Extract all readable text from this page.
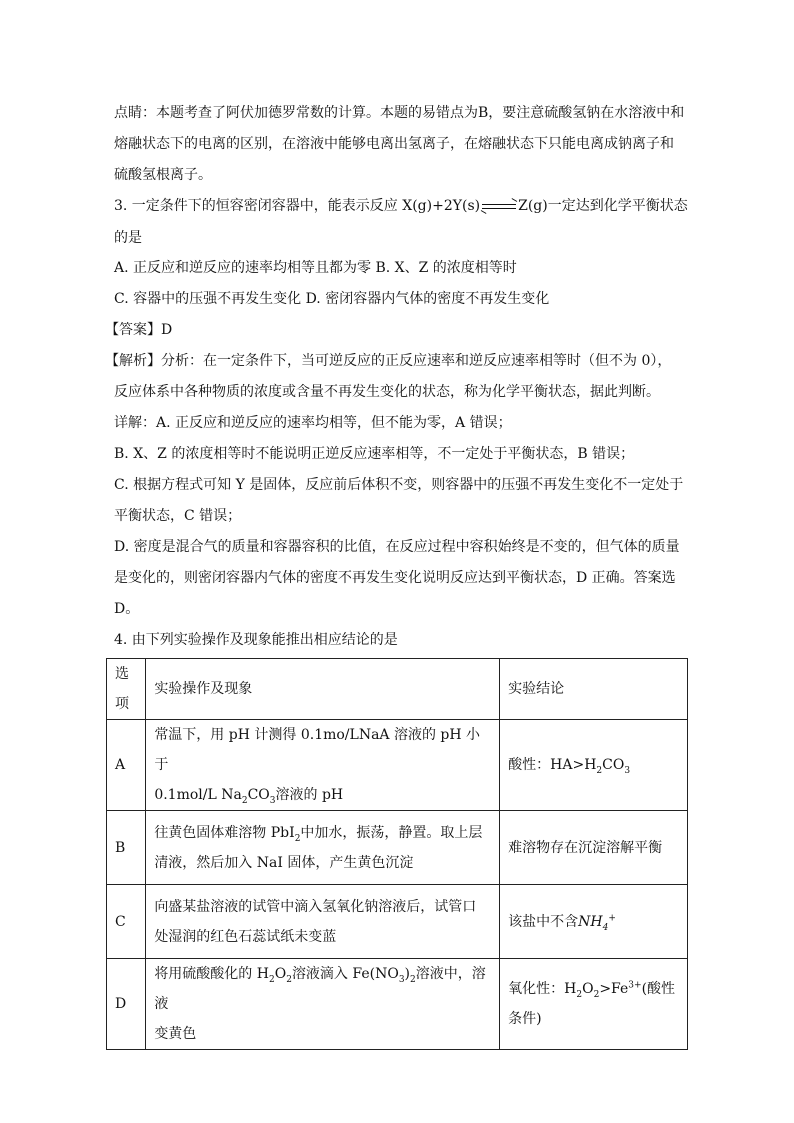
点睛：本题考查了阿伏加德罗常数的计算。本题的易错点为B，要注意硫酸氢钠在水溶液中和
熔融状态下的电离的区别，在溶液中能够电离出氢离子，在熔融状态下只能电离成钠离子和
硫酸氢根离子。
3. 一定条件下的恒容密闭容器中，能表示反应 X(g)+2Y(s)	Z(g)一定达到化学平衡状态
的是
A. 正反应和逆反应的速率均相等且都为零 B. X、Z 的浓度相等时
C. 容器中的压强不再发生变化 D. 密闭容器内气体的密度不再发生变化
【答案】D
【解析】分析：在一定条件下，当可逆反应的正反应速率和逆反应速率相等时（但不为 0），
反应体系中各种物质的浓度或含量不再发生变化的状态，称为化学平衡状态，据此判断。
详解：A. 正反应和逆反应的速率均相等，但不能为零，A 错误；
B. X、Z 的浓度相等时不能说明正逆反应速率相等，不一定处于平衡状态，B 错误；
C. 根据方程式可知 Y 是固体，反应前后体积不变，则容器中的压强不再发生变化不一定处于
平衡状态，C 错误；
D. 密度是混合气的质量和容器容积的比值，在反应过程中容积始终是不变的，但气体的质量
是变化的，则密闭容器内气体的密度不再发生变化说明反应达到平衡状态，D 正确。答案选
D。
4. 由下列实验操作及现象能推出相应结论的是
选项	实验操作及现象	实验结论
A	常温下，用 pH 计测得 0.1mo/LNaA 溶液的 pH 小于
0.1mol/L $Na_2CO_3$溶液的 pH	酸性：$HA>H_2CO_3$
B	往黄色固体难溶物 PbI$_2$中加水，振荡，静置。取上层
清液，然后加入 NaI 固体，产生黄色沉淀	难溶物存在沉淀溶解平衡
C	向盛某盐溶液的试管中滴入氢氧化钠溶液后，试管口
处湿润的红色石蕊试纸未变蓝	该盐中不含$NH_4^+$
D	将用硫酸酸化的 $H_2O_2$溶液滴入 $Fe(NO_3)_2$溶液中，溶液
变黄色	氧化性：$H_2O_2>Fe^{3+}$(酸性条件)
